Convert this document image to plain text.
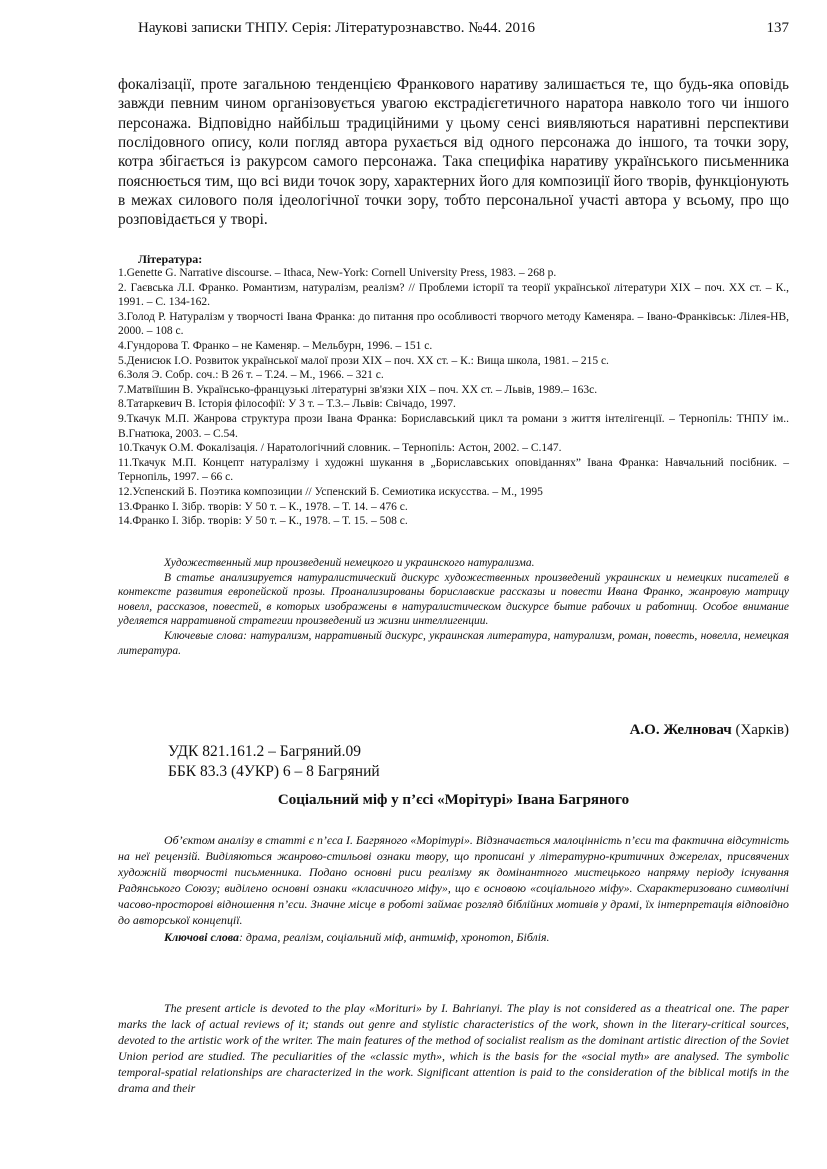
Наукові записки ТНПУ. Серія: Літературознавство. №44. 2016	137

фокалізації, проте загальною тенденцією Франкового наративу залишається те, що будь-яка оповідь завжди певним чином організовується увагою екстрадієгетичного наратора навколо того чи іншого персонажа. Відповідно найбільш традиційними у цьому сенсі виявляються наративні перспективи послідовного опису, коли погляд автора рухається від одного персонажа до іншого, та точки зору, котра збігається із ракурсом самого персонажа. Така специфіка наративу українського письменника пояснюється тим, що всі види точок зору, характерних його для композиції його творів, функціонують в межах силового поля ідеологічної точки зору, тобто персональної участі автора у всьому, про що розповідається у творі.

Література:

1.Genette G. Narrative discourse. – Ithaca, New-York: Cornell University Press, 1983. – 268 p.
2. Гаєвська Л.І. Франко. Романтизм, натуралізм, реалізм? // Проблеми історії та теорії української літератури XIX – поч. XX ст. – К., 1991. – С. 134-162.
3.Голод Р. Натуралізм у творчості Івана Франка: до питання про особливості творчого методу Каменяра. – Івано-Франківськ: Лілея-НВ, 2000. – 108 с.
4.Гундорова Т. Франко – не Каменяр. – Мельбурн, 1996. – 151 с.
5.Денисюк І.О. Розвиток української малої прози XIX – поч. XX ст. – К.: Вища школа, 1981. – 215 с.
6.Золя Э. Собр. соч.: В 26 т. – Т.24. – М., 1966. – 321 с.
7.Матвіїшин В. Українсько-французькі літературні зв'язки XIX – поч. XX ст. – Львів, 1989.– 163с.
8.Татаркевич В. Історія філософії: У 3 т. – Т.3.– Львів: Свічадо, 1997.
9.Ткачук М.П. Жанрова структура прози Івана Франка: Бориславський цикл та романи з життя інтелігенції. – Тернопіль: ТНПУ ім.. В.Гнатюка, 2003. – С.54.
10.Ткачук О.М. Фокалізація. / Наратологічний словник. – Тернопіль: Астон, 2002. – С.147.
11.Ткачук М.П. Концепт натуралізму і художні шукання в „Бориславських оповіданнях” Івана Франка: Навчальний посібник. – Тернопіль, 1997. – 66 с.
12.Успенский Б. Поэтика композиции // Успенский Б. Семиотика искусства. – М., 1995
13.Франко І. Зібр. творів: У 50 т. – К., 1978. – Т. 14. – 476 с.
14.Франко І. Зібр. творів: У 50 т. – К., 1978. – Т. 15. – 508 с.

Художественный мир произведений немецкого и украинского натурализма.

В статье анализируется натуралистический дискурс художественных произведений украинских и немецких писателей в контексте развития европейской прозы. Проанализированы бориславские рассказы и повести Ивана Франко, жанровую матрицу новелл, рассказов, повестей, в которых изображены в натуралистическом дискурсе бытие рабочих и работниц. Особое внимание уделяется нарративной стратегии произведений из жизни интеллигенции.

Ключевые слова: натурализм, нарративный дискурс, украинская литература, натурализм, роман, повесть, новелла, немецкая литература.

А.О. Желновач (Харків)
УДК 821.161.2 – Багряний.09
ББК 83.3 (4УКР) 6 – 8 Багряний

Соціальний міф у п’єсі «Морітурі» Івана Багряного

Об’єктом аналізу в статті є п’єса І. Багряного «Морітурі». Відзначається малоцінність п’єси та фактична відсутність на неї рецензій. Виділяються жанрово-стильові ознаки твору, що прописані у літературно-критичних джерелах, присвячених художній творчості письменника. Подано основні риси реалізму як домінантного мистецького напряму періоду існування Радянського Союзу; виділено основні ознаки «класичного міфу», що є основою «соціального міфу». Схарактеризовано символічні часово-просторові відношення п’єси. Значне місце в роботі займає розгляд біблійних мотивів у драмі, їх інтерпретація відповідно до авторської концепції.

Ключові слова: драма, реалізм, соціальний міф, антиміф, хронотоп, Біблія.

The present article is devoted to the play «Morituri» by I. Bahrianyi. The play is not considered as a theatrical one. The paper marks the lack of actual reviews of it; stands out genre and stylistic characteristics of the work, shown in the literary-critical sources, devoted to the artistic work of the writer. The main features of the method of socialist realism as the dominant artistic direction of the Soviet Union period are studied. The peculiarities of the «classic myth», which is the basis for the «social myth» are analysed. The symbolic temporal-spatial relationships are characterized in the work. Significant attention is paid to the consideration of the biblical motifs in the drama and their
